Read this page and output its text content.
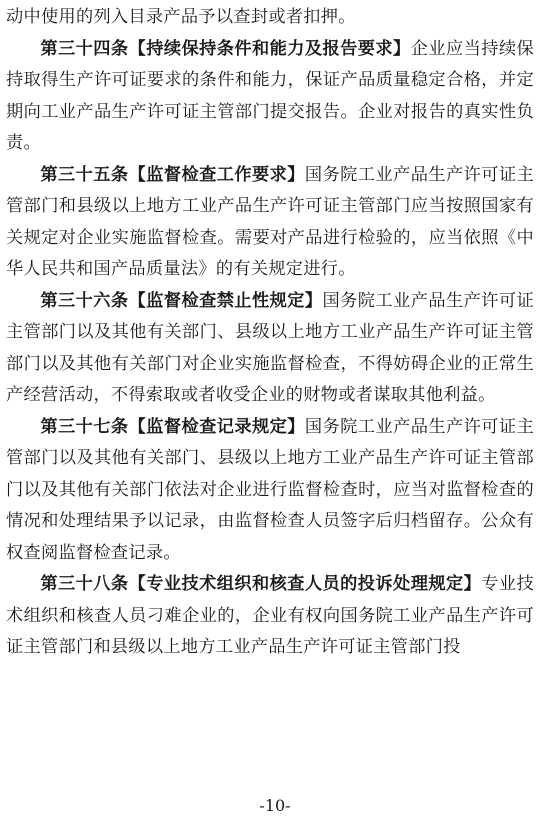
动中使用的列入目录产品予以查封或者扣押。

第三十四条【持续保持条件和能力及报告要求】企业应当持续保持取得生产许可证要求的条件和能力，保证产品质量稳定合格，并定期向工业产品生产许可证主管部门提交报告。企业对报告的真实性负责。

第三十五条【监督检查工作要求】国务院工业产品生产许可证主管部门和县级以上地方工业产品生产许可证主管部门应当按照国家有关规定对企业实施监督检查。需要对产品进行检验的，应当依照《中华人民共和国产品质量法》的有关规定进行。

第三十六条【监督检查禁止性规定】国务院工业产品生产许可证主管部门以及其他有关部门、县级以上地方工业产品生产许可证主管部门以及其他有关部门对企业实施监督检查，不得妨碍企业的正常生产经营活动，不得索取或者收受企业的财物或者谋取其他利益。

第三十七条【监督检查记录规定】国务院工业产品生产许可证主管部门以及其他有关部门、县级以上地方工业产品生产许可证主管部门以及其他有关部门依法对企业进行监督检查时，应当对监督检查的情况和处理结果予以记录，由监督检查人员签字后归档留存。公众有权查阅监督检查记录。

第三十八条【专业技术组织和核查人员的投诉处理规定】专业技术组织和核查人员刁难企业的，企业有权向国务院工业产品生产许可证主管部门和县级以上地方工业产品生产许可证主管部门投

-10-
